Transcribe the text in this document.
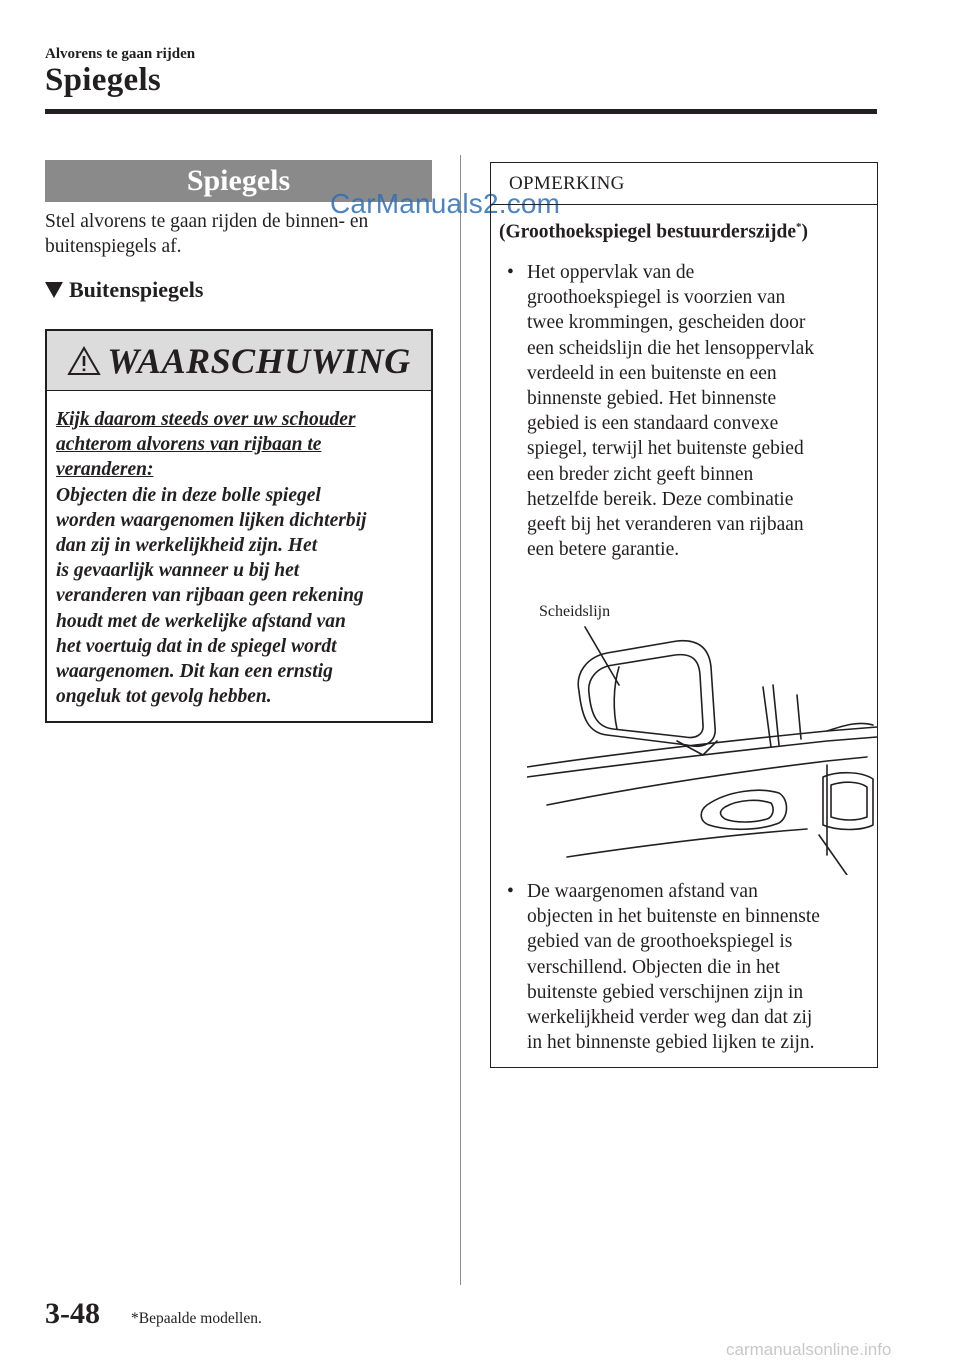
Alvorens te gaan rijden
Spiegels
Spiegels
Stel alvorens te gaan rijden de binnen- en buitenspiegels af.
CarManuals2.com
Buitenspiegels
WAARSCHUWING
Kijk daarom steeds over uw schouder
achterom alvorens van rijbaan te
veranderen:
Objecten die in deze bolle spiegel
worden waargenomen lijken dichterbij
dan zij in werkelijkheid zijn. Het
is gevaarlijk wanneer u bij het
veranderen van rijbaan geen rekening
houdt met de werkelijke afstand van
het voertuig dat in de spiegel wordt
waargenomen. Dit kan een ernstig
ongeluk tot gevolg hebben.
OPMERKING
(Groothoekspiegel bestuurderszijde*)
• Het oppervlak van de
groothoekspiegel is voorzien van
twee krommingen, gescheiden door
een scheidslijn die het lensoppervlak
verdeeld in een buitenste en een
binnenste gebied. Het binnenste
gebied is een standaard convexe
spiegel, terwijl het buitenste gebied
een breder zicht geeft binnen
hetzelfde bereik. Deze combinatie
geeft bij het veranderen van rijbaan
een betere garantie.
Scheidslijn
• De waargenomen afstand van
objecten in het buitenste en binnenste
gebied van de groothoekspiegel is
verschillend. Objecten die in het
buitenste gebied verschijnen zijn in
werkelijkheid verder weg dan dat zij
in het binnenste gebied lijken te zijn.
3-48 *Bepaalde modellen.
carmanualsonline.info
